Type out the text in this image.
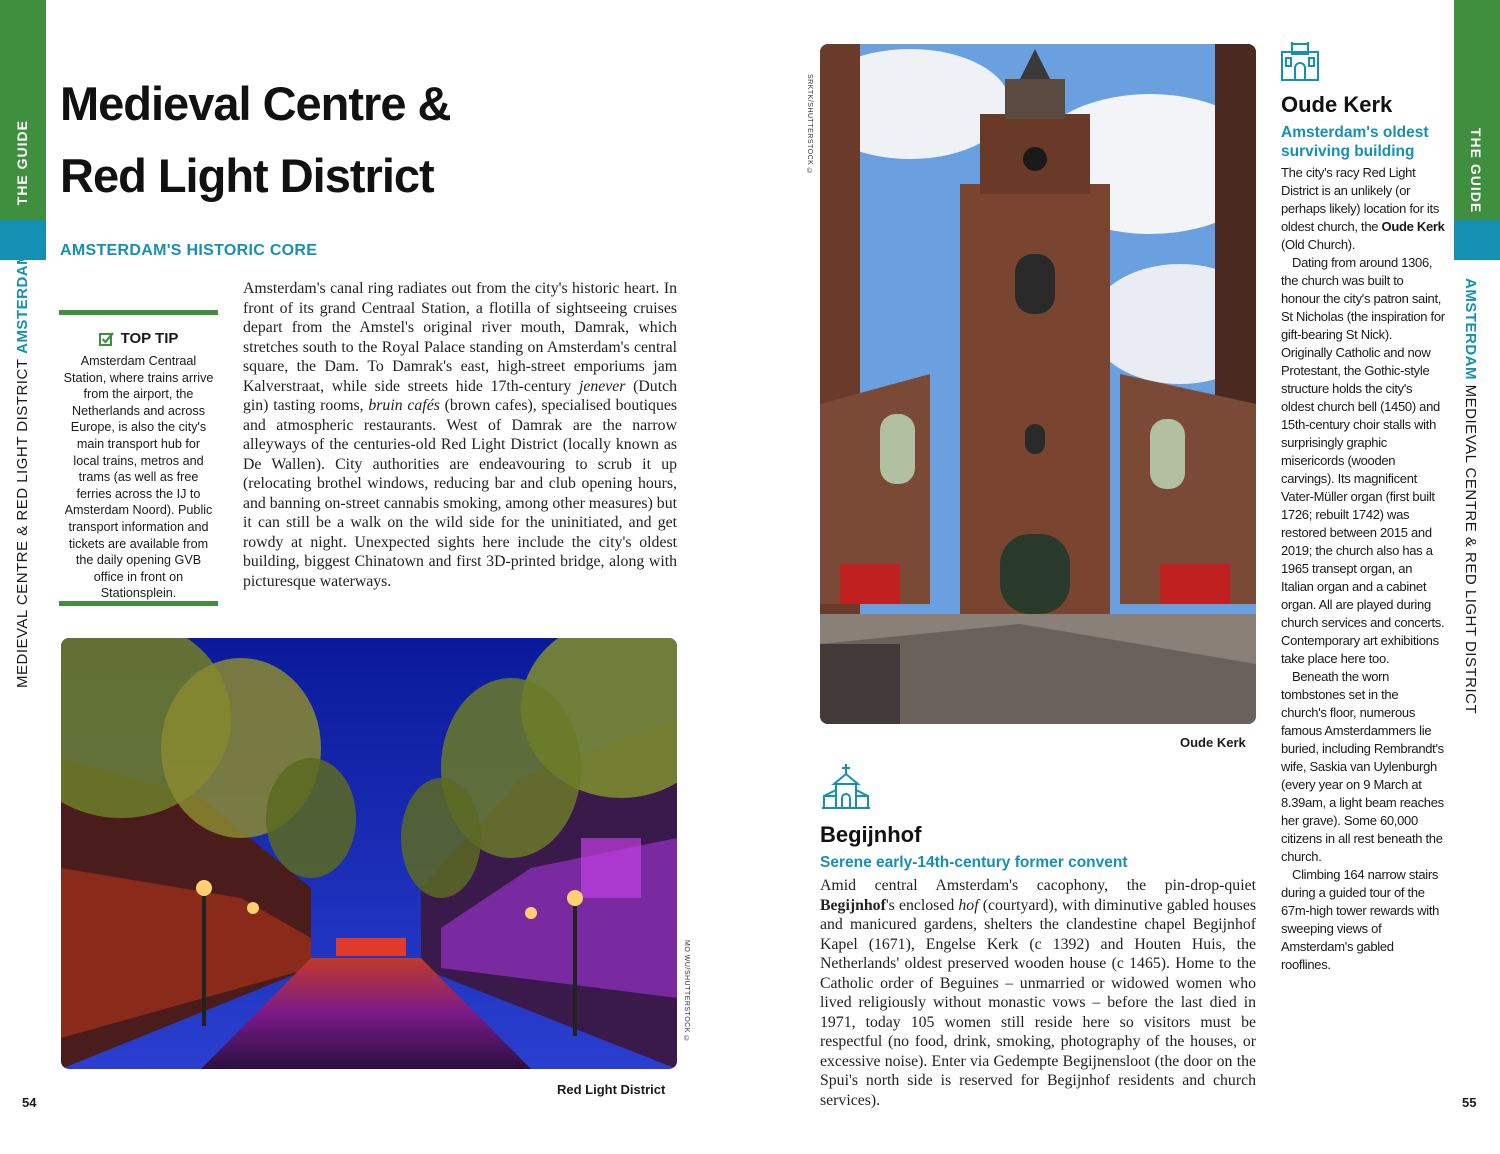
THE GUIDE
MEDIEVAL CENTRE & RED LIGHT DISTRICT AMSTERDAM
THE GUIDE
AMSTERDAM MEDIEVAL CENTRE & RED LIGHT DISTRICT
Medieval Centre &
Red Light District
AMSTERDAM'S HISTORIC CORE
TOP TIP
Amsterdam Centraal Station, where trains arrive from the airport, the Netherlands and across Europe, is also the city's main transport hub for local trains, metros and trams (as well as free ferries across the IJ to Amsterdam Noord). Public transport information and tickets are available from the daily opening GVB office in front on Stationsplein.
Amsterdam's canal ring radiates out from the city's historic heart. In front of its grand Centraal Station, a flotilla of sightseeing cruises depart from the Amstel's original river mouth, Damrak, which stretches south to the Royal Palace standing on Amsterdam's central square, the Dam. To Damrak's east, high-street emporiums jam Kalverstraat, while side streets hide 17th-century jenever (Dutch gin) tasting rooms, bruin cafés (brown cafes), specialised boutiques and atmospheric restaurants. West of Damrak are the narrow alleyways of the centuries-old Red Light District (locally known as De Wallen). City authorities are endeavouring to scrub it up (relocating brothel windows, reducing bar and club opening hours, and banning on-street cannabis smoking, among other measures) but it can still be a walk on the wild side for the uninitiated, and get rowdy at night. Unexpected sights here include the city's oldest building, biggest Chinatown and first 3D-printed bridge, along with picturesque waterways.
MO WU/SHUTTERSTOCK ©
Red Light District
54	55
SRKTK/SHUTTERSTOCK ©
Oude Kerk
Begijnhof
Serene early-14th-century former convent
Amid central Amsterdam's cacophony, the pin-drop-quiet Begijnhof's enclosed hof (courtyard), with diminutive gabled houses and manicured gardens, shelters the clandestine chapel Begijnhof Kapel (1671), Engelse Kerk (c 1392) and Houten Huis, the Netherlands' oldest preserved wooden house (c 1465). Home to the Catholic order of Beguines – unmarried or widowed women who lived religiously without monastic vows – before the last died in 1971, today 105 women still reside here so visitors must be respectful (no food, drink, smoking, photography of the houses, or excessive noise). Enter via Gedempte Begijnensloot (the door on the Spui's north side is reserved for Begijnhof residents and church services).
Oude Kerk
Amsterdam's oldest surviving building
The city's racy Red Light District is an unlikely (or perhaps likely) location for its oldest church, the Oude Kerk (Old Church).
Dating from around 1306, the church was built to honour the city's patron saint, St Nicholas (the inspiration for gift-bearing St Nick). Originally Catholic and now Protestant, the Gothic-style structure holds the city's oldest church bell (1450) and 15th-century choir stalls with surprisingly graphic misericords (wooden carvings). Its magnificent Vater-Müller organ (first built 1726; rebuilt 1742) was restored between 2015 and 2019; the church also has a 1965 transept organ, an Italian organ and a cabinet organ. All are played during church services and concerts. Contemporary art exhibitions take place here too.
Beneath the worn tombstones set in the church's floor, numerous famous Amsterdammers lie buried, including Rembrandt's wife, Saskia van Uylenburgh (every year on 9 March at 8.39am, a light beam reaches her grave). Some 60,000 citizens in all rest beneath the church.
Climbing 164 narrow stairs during a guided tour of the 67m-high tower rewards with sweeping views of Amsterdam's gabled rooflines.
